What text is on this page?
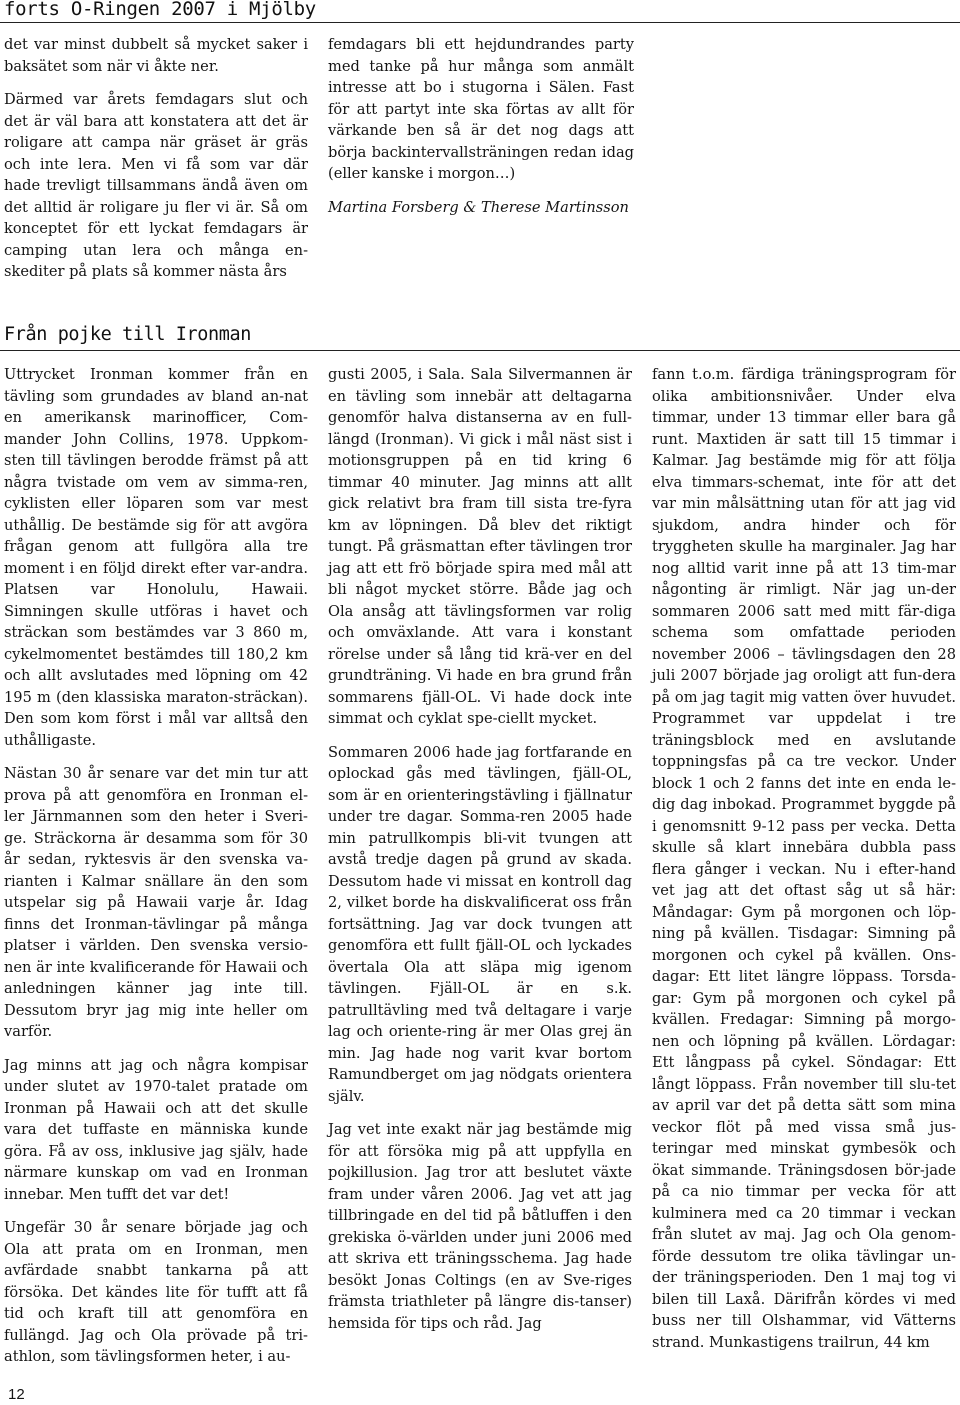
forts O-Ringen 2007 i Mjölby

det var minst dubbelt så mycket saker i baksätet som när vi åkte ner.

Därmed var årets femdagars slut och det är väl bara att konstatera att det är roligare att campa när gräset är gräs och inte lera. Men vi få som var där hade trevligt tillsammans ändå även om det alltid är roligare ju fler vi är. Så om konceptet för ett lyckat femdagars är camping utan lera och många en-skediter på plats så kommer nästa års

femdagars bli ett hejdundrandes party med tanke på hur många som anmält intresse att bo i stugorna i Sälen. Fast för att partyt inte ska förtas av allt för värkande ben så är det nog dags att börja backintervallsträningen redan idag (eller kanske i morgon…)

Martina Forsberg & Therese Martinsson

Från pojke till Ironman

Uttrycket Ironman kommer från en tävling som grundades av bland an-nat en amerikansk marinofficer, Com-mander John Collins, 1978. Uppkom-sten till tävlingen berodde främst på att några tvistade om vem av simma-ren, cyklisten eller löparen som var mest uthållig. De bestämde sig för att avgöra frågan genom att fullgöra alla tre moment i en följd direkt efter var-andra. Platsen var Honolulu, Hawaii. Simningen skulle utföras i havet och sträckan som bestämdes var 3 860 m, cykelmomentet bestämdes till 180,2 km och allt avslutades med löpning om 42 195 m (den klassiska maraton-sträckan). Den som kom först i mål var alltså den uthålligaste.

Nästan 30 år senare var det min tur att prova på att genomföra en Ironman el-ler Järnmannen som den heter i Sveri-ge. Sträckorna är desamma som för 30 år sedan, ryktesvis är den svenska va-rianten i Kalmar snällare än den som utspelar sig på Hawaii varje år. Idag finns det Ironman-tävlingar på många platser i världen. Den svenska versio-nen är inte kvalificerande för Hawaii och anledningen känner jag inte till. Dessutom bryr jag mig inte heller om varför.

Jag minns att jag och några kompisar under slutet av 1970-talet pratade om Ironman på Hawaii och att det skulle vara det tuffaste en människa kunde göra. Få av oss, inklusive jag själv, hade närmare kunskap om vad en Ironman innebar. Men tufft det var det!

Ungefär 30 år senare började jag och Ola att prata om en Ironman, men avfärdade snabbt tankarna på att försöka. Det kändes lite för tufft att få tid och kraft till att genomföra en fullängd. Jag och Ola prövade på tri-athlon, som tävlingsformen heter, i au-

gusti 2005, i Sala. Sala Silvermannen är en tävling som innebär att deltagarna genomför halva distanserna av en full-längd (Ironman). Vi gick i mål näst sist i motionsgruppen på en tid kring 6 timmar 40 minuter. Jag minns att allt gick relativt bra fram till sista tre-fyra km av löpningen. Då blev det riktigt tungt. På gräsmattan efter tävlingen tror jag att ett frö började spira med mål att bli något mycket större. Både jag och Ola ansåg att tävlingsformen var rolig och omväxlande. Att vara i konstant rörelse under så lång tid krä-ver en del grundträning. Vi hade en bra grund från sommarens fjäll-OL. Vi hade dock inte simmat och cyklat spe-ciellt mycket.

Sommaren 2006 hade jag fortfarande en oplockad gås med tävlingen, fjäll-OL, som är en orienteringstävling i fjällnatur under tre dagar. Somma-ren 2005 hade min patrullkompis bli-vit tvungen att avstå tredje dagen på grund av skada. Dessutom hade vi missat en kontroll dag 2, vilket borde ha diskvalificerat oss från fortsättning. Jag var dock tvungen att genomföra ett fullt fjäll-OL och lyckades övertala Ola att släpa mig igenom tävlingen. Fjäll-OL är en s.k. patrulltävling med två deltagare i varje lag och oriente-ring är mer Olas grej än min. Jag hade nog varit kvar bortom Ramundberget om jag nödgats orientera själv.

Jag vet inte exakt när jag bestämde mig för att försöka mig på att uppfylla en pojkillusion. Jag tror att beslutet växte fram under våren 2006. Jag vet att jag tillbringade en del tid på båtluffen i den grekiska ö-världen under juni 2006 med att skriva ett träningsschema. Jag hade besökt Jonas Coltings (en av Sve-riges främsta triathleter på längre dis-tanser) hemsida för tips och råd. Jag

fann t.o.m. färdiga träningsprogram för olika ambitionsnivåer. Under elva timmar, under 13 timmar eller bara gå runt. Maxtiden är satt till 15 timmar i Kalmar. Jag bestämde mig för att följa elva timmars-schemat, inte för att det var min målsättning utan för att jag vid sjukdom, andra hinder och för tryggheten skulle ha marginaler. Jag har nog alltid varit inne på att 13 tim-mar någonting är rimligt. När jag un-der sommaren 2006 satt med mitt fär-diga schema som omfattade perioden november 2006 – tävlingsdagen den 28 juli 2007 började jag oroligt att fun-dera på om jag tagit mig vatten över huvudet. Programmet var uppdelat i tre träningsblock med en avslutande toppningsfas på ca tre veckor. Under block 1 och 2 fanns det inte en enda le-dig dag inbokad. Programmet byggde på i genomsnitt 9-12 pass per vecka. Detta skulle så klart innebära dubbla pass flera gånger i veckan. Nu i efter-hand vet jag att det oftast såg ut så här: Måndagar: Gym på morgonen och löp-ning på kvällen. Tisdagar: Simning på morgonen och cykel på kvällen. Ons-dagar: Ett litet längre löppass. Torsda-gar: Gym på morgonen och cykel på kvällen. Fredagar: Simning på morgo-nen och löpning på kvällen. Lördagar: Ett långpass på cykel. Söndagar: Ett långt löppass. Från november till slu-tet av april var det på detta sätt som mina veckor flöt på med vissa små jus-teringar med minskat gymbesök och ökat simmande. Träningsdosen bör-jade på ca nio timmar per vecka för att kulminera med ca 20 timmar i veckan från slutet av maj. Jag och Ola genom-förde dessutom tre olika tävlingar un-der träningsperioden. Den 1 maj tog vi bilen till Laxå. Därifrån kördes vi med buss ner till Olshammar, vid Vätterns strand. Munkastigens trailrun, 44 km

12
